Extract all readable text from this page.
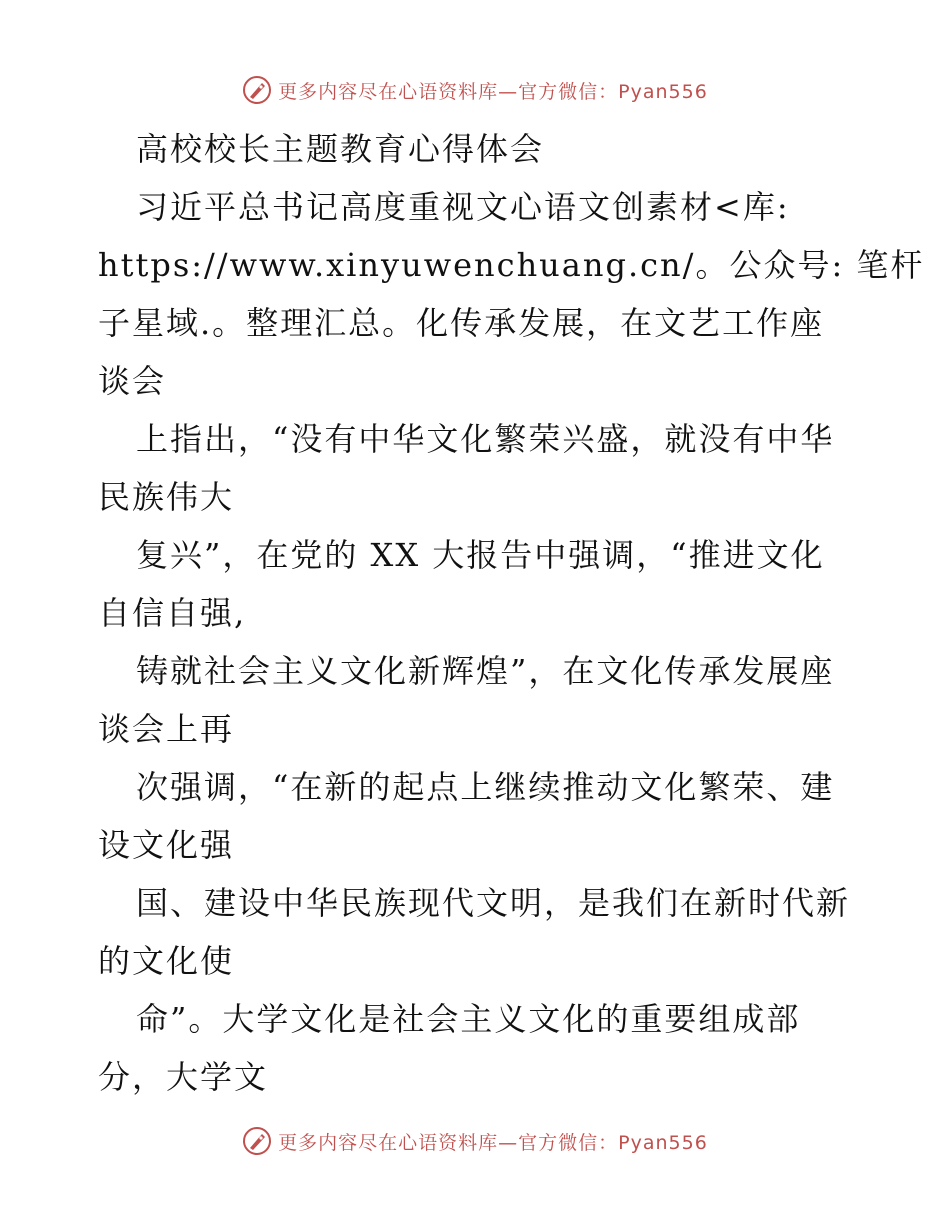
更多内容尽在心语资料库—官方微信：Pyan556
高校校长主题教育心得体会
习近平总书记高度重视文心语文创素材<库:
https://www.xinyuwenchuang.cn/。公众号: 笔杆
子星域.。整理汇总。化传承发展，在文艺工作座
谈会
上指出，“没有中华文化繁荣兴盛，就没有中华
民族伟大
复兴”，在党的 XX 大报告中强调，“推进文化
自信自强,
铸就社会主义文化新辉煌”，在文化传承发展座
谈会上再
次强调，“在新的起点上继续推动文化繁荣、建
设文化强
国、建设中华民族现代文明，是我们在新时代新
的文化使
命”。大学文化是社会主义文化的重要组成部
分，大学文
更多内容尽在心语资料库—官方微信：Pyan556
